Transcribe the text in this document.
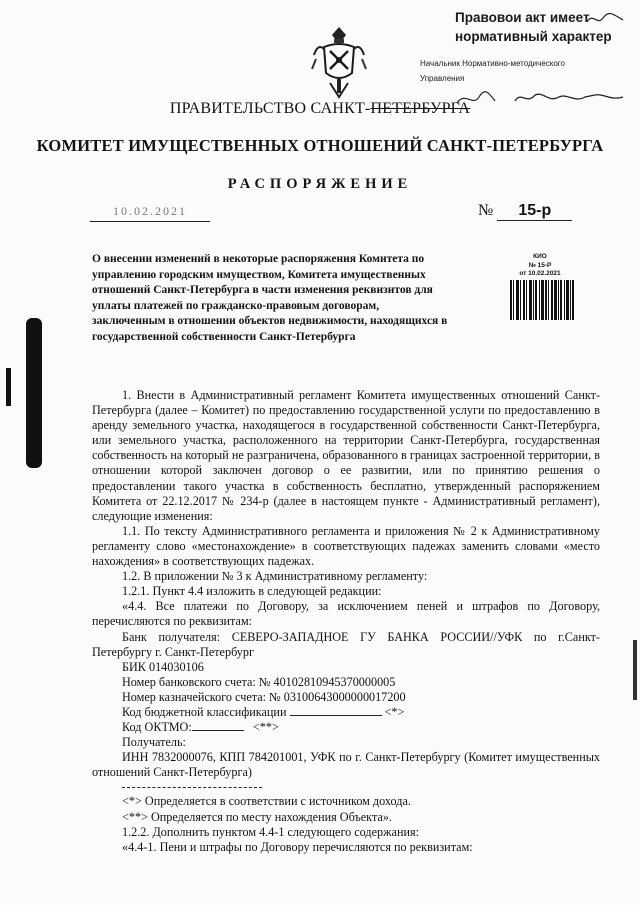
Правовои акт имеет
нормативный характер
Начальник Нормативно-методического Управления
ПРАВИТЕЛЬСТВО САНКТ-ПЕТЕРБУРГА
КОМИТЕТ ИМУЩЕСТВЕННЫХ ОТНОШЕНИЙ САНКТ-ПЕТЕРБУРГА
РАСПОРЯЖЕНИЕ
10.02.2021	№ 15-р
О внесении изменений в некоторые распоряжения Комитета по управлению городским имуществом, Комитета имущественных отношений Санкт-Петербурга в части изменения реквизитов для уплаты платежей по гражданско-правовым договорам, заключенным в отношении объектов недвижимости, находящихся в государственной собственности Санкт-Петербурга
КИО
№ 15-Р
от 10.02.2021

1. Внести в Административный регламент Комитета имущественных отношений Санкт-Петербурга (далее – Комитет) по предоставлению государственной услуги по предоставлению в аренду земельного участка, находящегося в государственной собственности Санкт-Петербурга, или земельного участка, расположенного на территории Санкт-Петербурга, государственная собственность на который не разграничена, образованного в границах застроенной территории, в отношении которой заключен договор о ее развитии, или по принятию решения о предоставлении такого участка в собственность бесплатно, утвержденный распоряжением Комитета от 22.12.2017 № 234-р (далее в настоящем пункте - Административный регламент), следующие изменения:

1.1. По тексту Административного регламента и приложения № 2 к Административному регламенту слово «местонахождение» в соответствующих падежах заменить словами «место нахождения» в соответствующих падежах.

1.2. В приложении № 3 к Административному регламенту:

1.2.1. Пункт 4.4 изложить в следующей редакции:

«4.4. Все платежи по Договору, за исключением пеней и штрафов по Договору, перечисляются по реквизитам:

Банк получателя: СЕВЕРО-ЗАПАДНОЕ ГУ БАНКА РОССИИ//УФК по г.Санкт-Петербургу г. Санкт-Петербург

БИК 014030106

Номер банковского счета: № 40102810945370000005

Номер казначейского счета: № 03100643000000017200

Код бюджетной классификации	<*>

Код ОКТМО:	<**>

Получатель:

ИНН 7832000076, КПП 784201001, УФК по г. Санкт-Петербургу (Комитет имущественных отношений Санкт-Петербурга)

<*> Определяется в соответствии с источником дохода.

<**> Определяется по месту нахождения Объекта».

1.2.2. Дополнить пунктом 4.4-1 следующего содержания:

«4.4-1. Пени и штрафы по Договору перечисляются по реквизитам:
